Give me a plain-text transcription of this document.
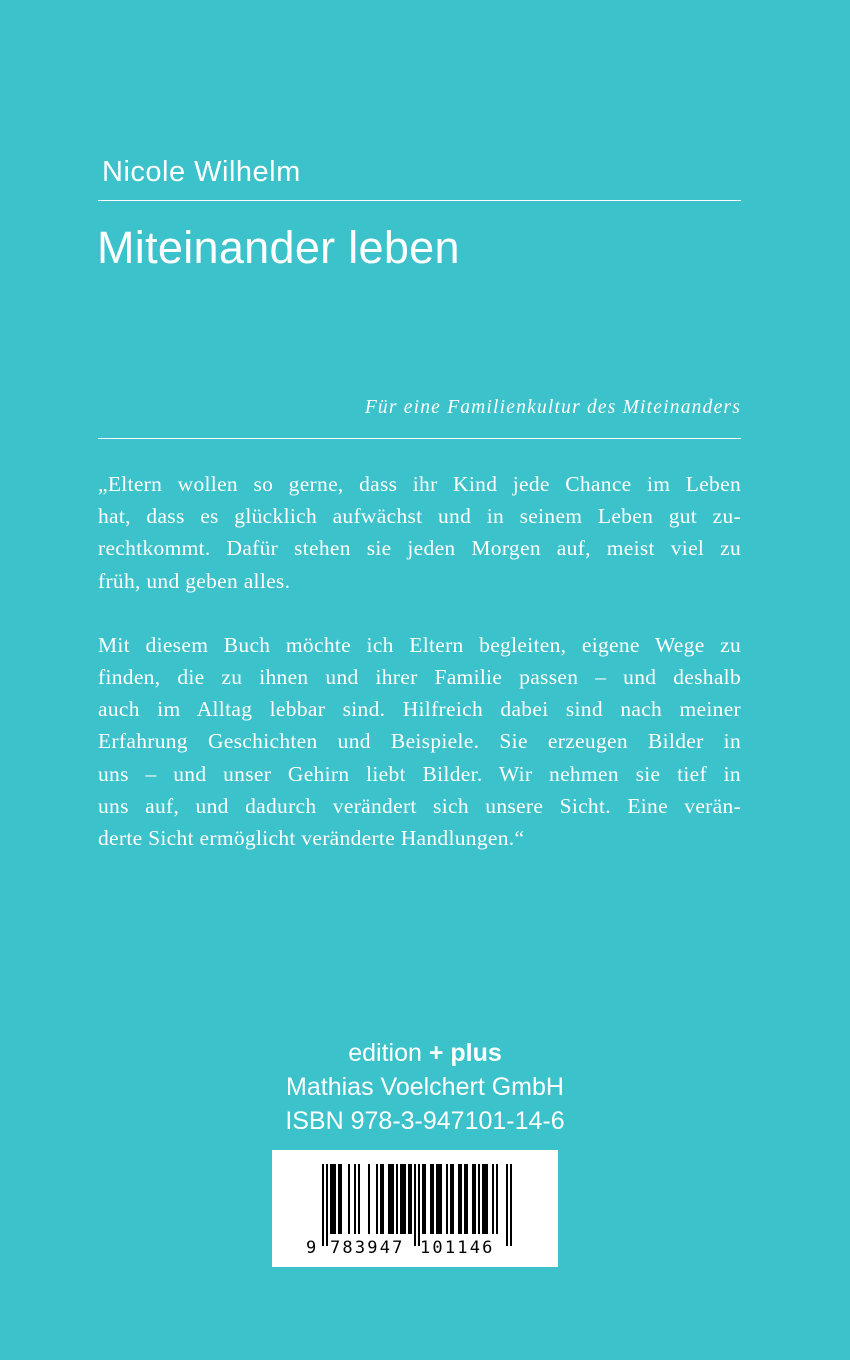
Nicole Wilhelm
Miteinander leben
Für eine Familienkultur des Miteinanders
„Eltern wollen so gerne, dass ihr Kind jede Chance im Leben
hat, dass es glücklich aufwächst und in seinem Leben gut zu-
rechtkommt. Dafür stehen sie jeden Morgen auf, meist viel zu
früh, und geben alles.
Mit diesem Buch möchte ich Eltern begleiten, eigene Wege zu
finden, die zu ihnen und ihrer Familie passen – und deshalb
auch im Alltag lebbar sind. Hilfreich dabei sind nach meiner
Erfahrung Geschichten und Beispiele. Sie erzeugen Bilder in
uns – und unser Gehirn liebt Bilder. Wir nehmen sie tief in
uns auf, und dadurch verändert sich unsere Sicht. Eine verän-
derte Sicht ermöglicht veränderte Handlungen.“
edition + plus
Mathias Voelchert GmbH
ISBN 978-3-947101-14-6
9 783947 101146
